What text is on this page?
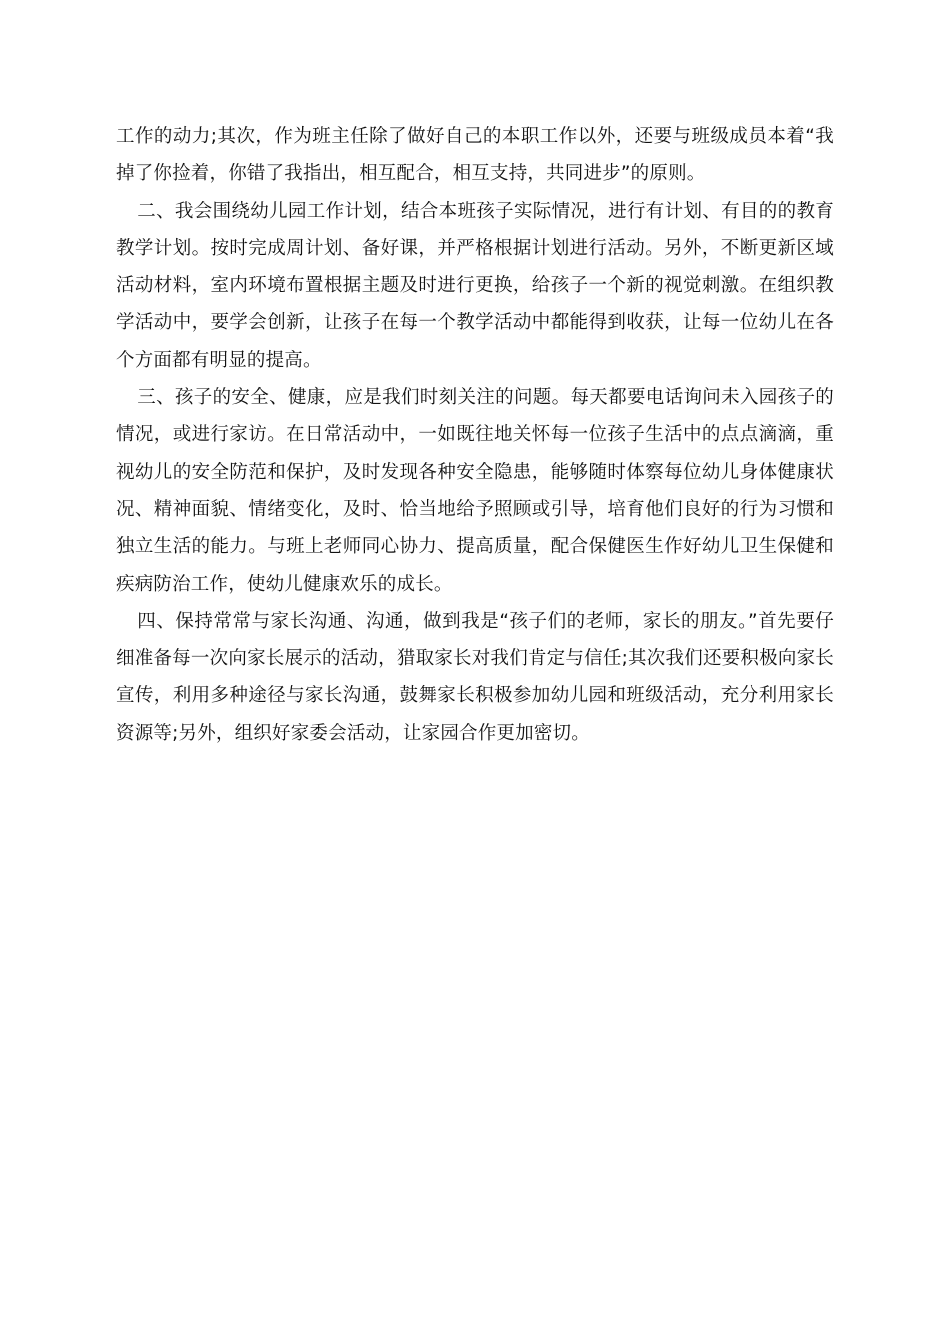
工作的动力;其次，作为班主任除了做好自己的本职工作以外，还要与班级成员本着“我掉了你捡着，你错了我指出，相互配合，相互支持，共同进步”的原则。

二、我会围绕幼儿园工作计划，结合本班孩子实际情况，进行有计划、有目的的教育教学计划。按时完成周计划、备好课，并严格根据计划进行活动。另外，不断更新区域活动材料，室内环境布置根据主题及时进行更换，给孩子一个新的视觉刺激。在组织教学活动中，要学会创新，让孩子在每一个教学活动中都能得到收获，让每一位幼儿在各个方面都有明显的提高。

三、孩子的安全、健康，应是我们时刻关注的问题。每天都要电话询问未入园孩子的情况，或进行家访。在日常活动中，一如既往地关怀每一位孩子生活中的点点滴滴，重视幼儿的安全防范和保护，及时发现各种安全隐患，能够随时体察每位幼儿身体健康状况、精神面貌、情绪变化，及时、恰当地给予照顾或引导，培育他们良好的行为习惯和独立生活的能力。与班上老师同心协力、提高质量，配合保健医生作好幼儿卫生保健和疾病防治工作，使幼儿健康欢乐的成长。

四、保持常常与家长沟通、沟通，做到我是“孩子们的老师，家长的朋友。”首先要仔细准备每一次向家长展示的活动，猎取家长对我们肯定与信任;其次我们还要积极向家长宣传，利用多种途径与家长沟通，鼓舞家长积极参加幼儿园和班级活动，充分利用家长资源等;另外，组织好家委会活动，让家园合作更加密切。
